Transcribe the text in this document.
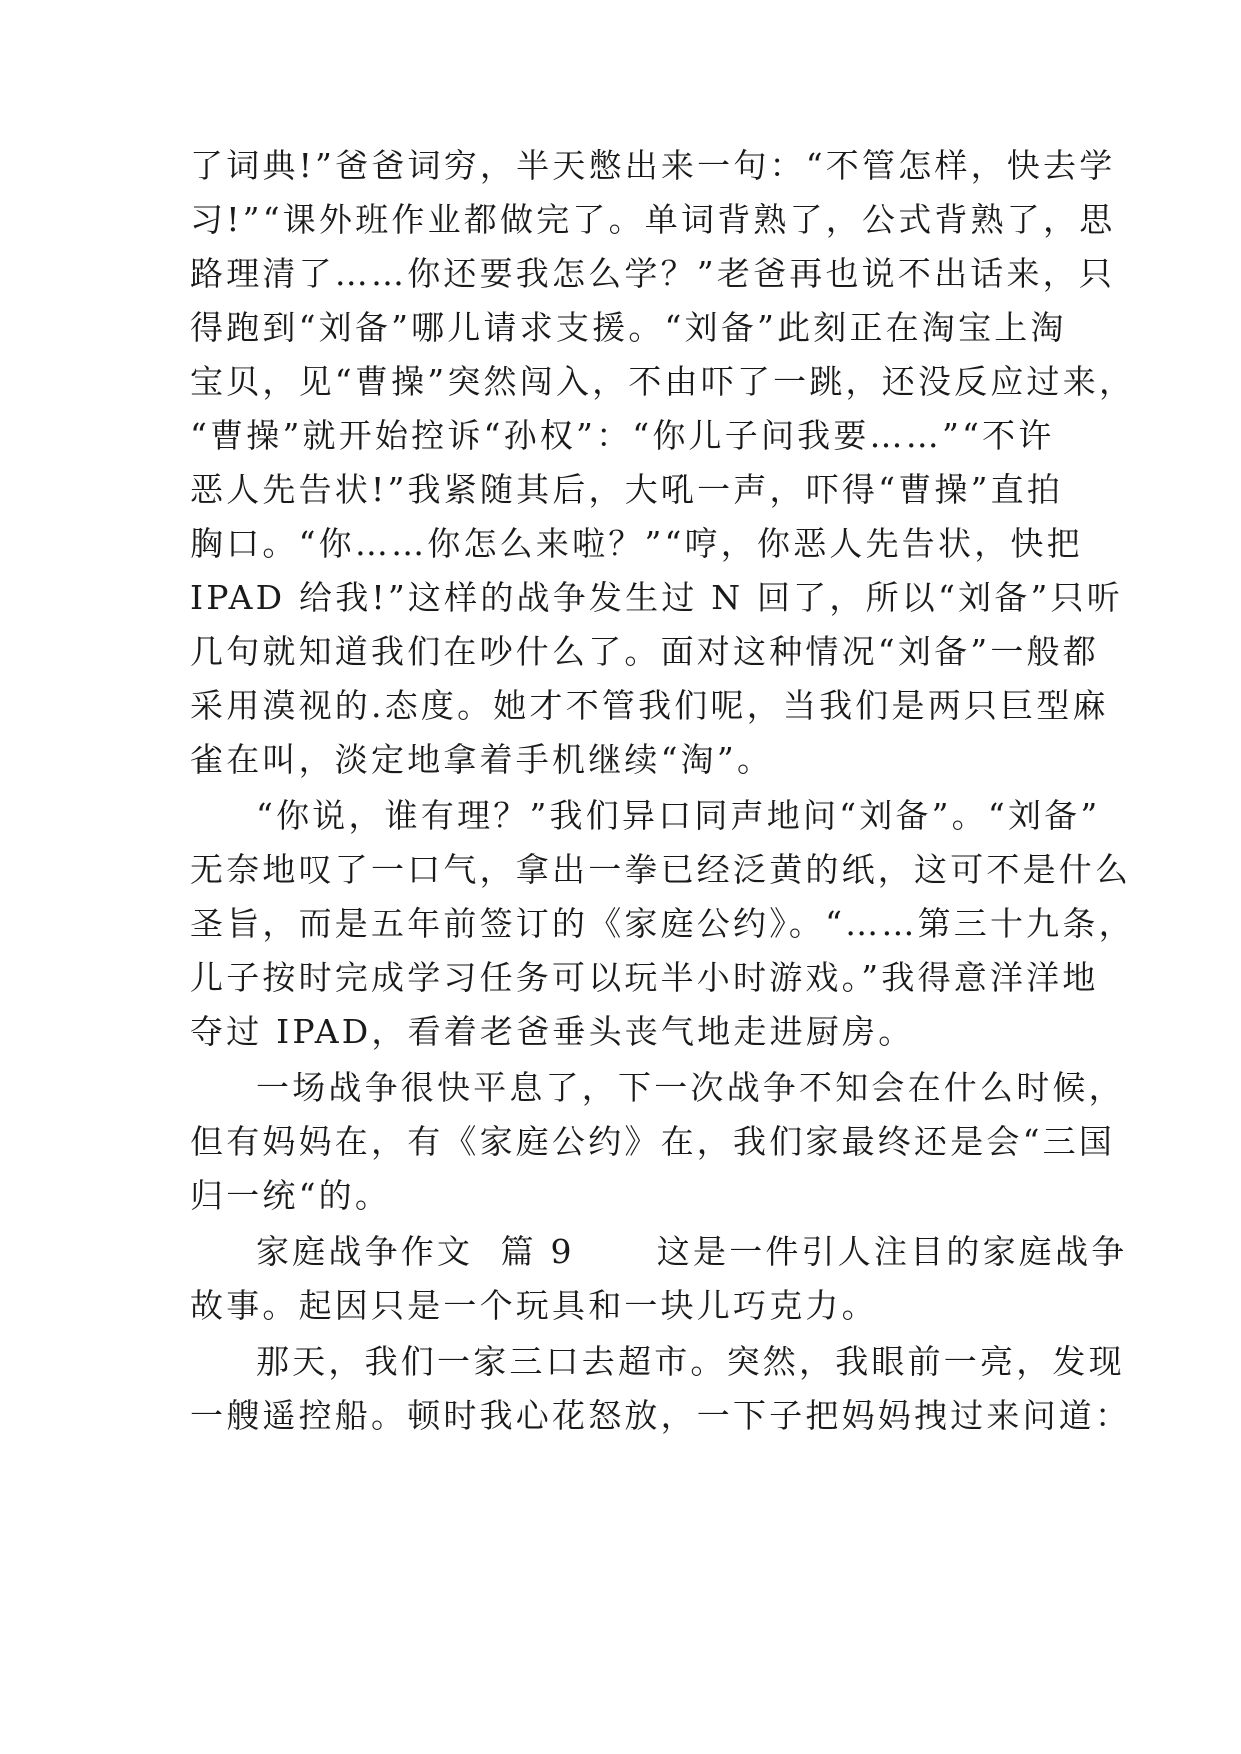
了词典!”爸爸词穷，半天憋出来一句：“不管怎样，快去学
习!”“课外班作业都做完了。单词背熟了，公式背熟了，思
路理清了……你还要我怎么学？”老爸再也说不出话来，只
得跑到“刘备”哪儿请求支援。“刘备”此刻正在淘宝上淘
宝贝，见“曹操”突然闯入，不由吓了一跳，还没反应过来，
“曹操”就开始控诉“孙权”：“你儿子问我要……”“不许
恶人先告状!”我紧随其后，大吼一声，吓得“曹操”直拍
胸口。“你……你怎么来啦？”“哼，你恶人先告状，快把
IPAD 给我!”这样的战争发生过 N 回了，所以“刘备”只听
几句就知道我们在吵什么了。面对这种情况“刘备”一般都
采用漠视的.态度。她才不管我们呢，当我们是两只巨型麻
雀在叫，淡定地拿着手机继续“淘”。
“你说，谁有理？”我们异口同声地问“刘备”。“刘备”
无奈地叹了一口气，拿出一拳已经泛黄的纸，这可不是什么
圣旨，而是五年前签订的《家庭公约》。“……第三十九条，
儿子按时完成学习任务可以玩半小时游戏。”我得意洋洋地
夺过 IPAD，看着老爸垂头丧气地走进厨房。
一场战争很快平息了，下一次战争不知会在什么时候，
但有妈妈在，有《家庭公约》在，我们家最终还是会“三国
归一统“的。
家庭战争作文  篇 9      这是一件引人注目的家庭战争
故事。起因只是一个玩具和一块儿巧克力。
那天，我们一家三口去超市。突然，我眼前一亮，发现
一艘遥控船。顿时我心花怒放，一下子把妈妈拽过来问道：
